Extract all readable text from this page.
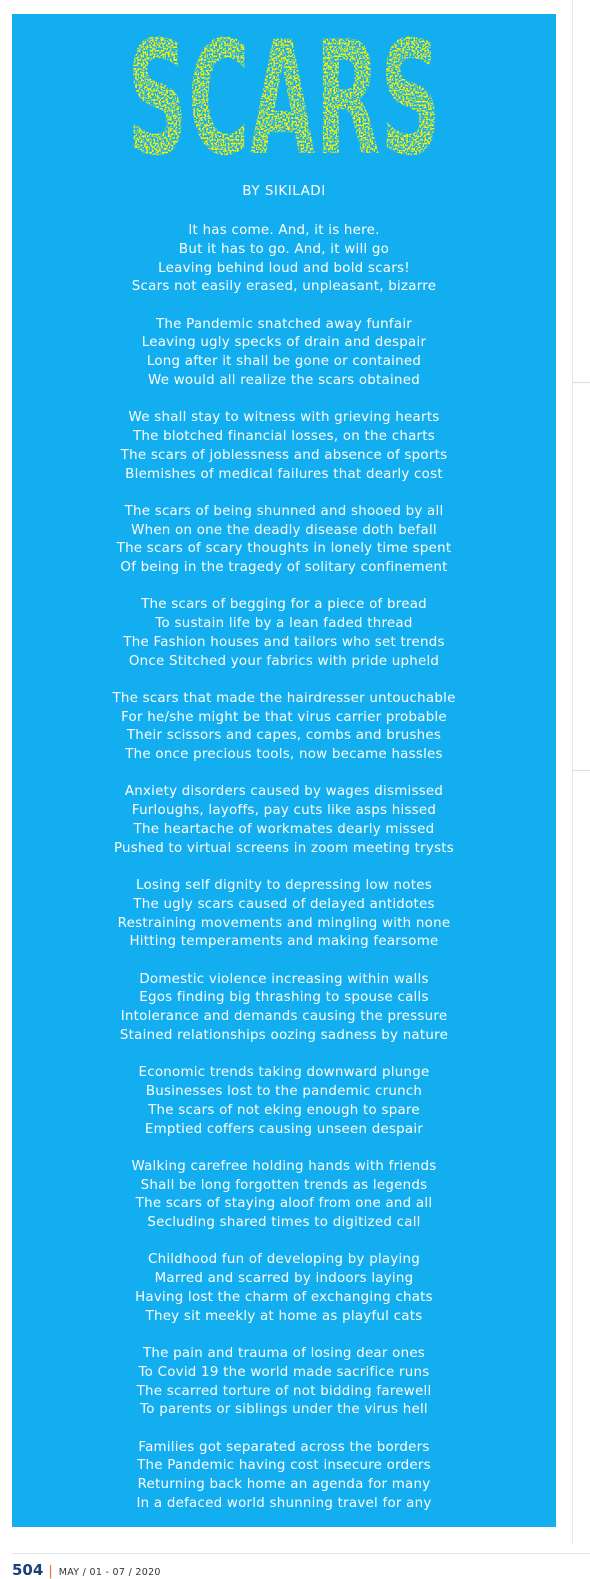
SCARS
BY SIKILADI
It has come. And, it is here.
But it has to go. And, it will go
Leaving behind loud and bold scars!
Scars not easily erased, unpleasant, bizarre
The Pandemic snatched away funfair
Leaving ugly specks of drain and despair
Long after it shall be gone or contained
We would all realize the scars obtained
We shall stay to witness with grieving hearts
The blotched financial losses, on the charts
The scars of joblessness and absence of sports
Blemishes of medical failures that dearly cost
The scars of being shunned and shooed by all
When on one the deadly disease doth befall
The scars of scary thoughts in lonely time spent
Of being in the tragedy of solitary confinement
The scars of begging for a piece of bread
To sustain life by a lean faded thread
The Fashion houses and tailors who set trends
Once Stitched your fabrics with pride upheld
The scars that made the hairdresser untouchable
For he/she might be that virus carrier probable
Their scissors and capes, combs and brushes
The once precious tools, now became hassles
Anxiety disorders caused by wages dismissed
Furloughs, layoffs, pay cuts like asps hissed
The heartache of workmates dearly missed
Pushed to virtual screens in zoom meeting trysts
Losing self dignity to depressing low notes
The ugly scars caused of delayed antidotes
Restraining movements and mingling with none
Hitting temperaments and making fearsome
Domestic violence increasing within walls
Egos finding big thrashing to spouse calls
Intolerance and demands causing the pressure
Stained relationships oozing sadness by nature
Economic trends taking downward plunge
Businesses lost to the pandemic crunch
The scars of not eking enough to spare
Emptied coffers causing unseen despair
Walking carefree holding hands with friends
Shall be long forgotten trends as legends
The scars of staying aloof from one and all
Secluding shared times to digitized call
Childhood fun of developing by playing
Marred and scarred by indoors laying
Having lost the charm of exchanging chats
They sit meekly at home as playful cats
The pain and trauma of losing dear ones
To Covid 19 the world made sacrifice runs
The scarred torture of not bidding farewell
To parents or siblings under the virus hell
Families got separated across the borders
The Pandemic having cost insecure orders
Returning back home an agenda for many
In a defaced world shunning travel for any
504 | MAY / 01 - 07 / 2020
